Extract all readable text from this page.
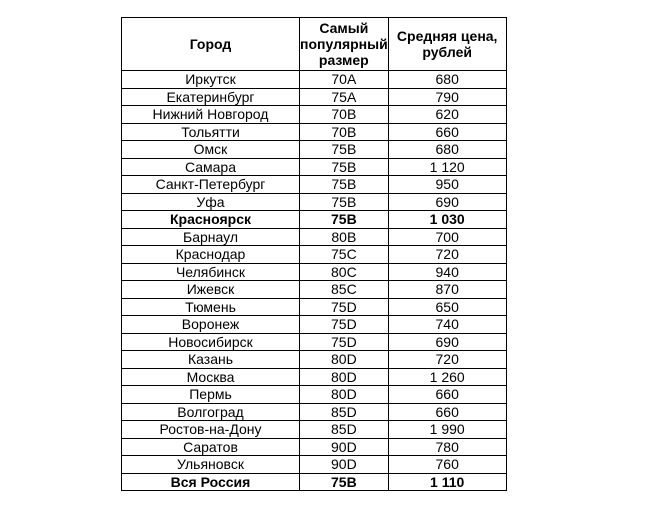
Город	Самый популярный размер	Средняя цена, рублей
Иркутск	70A	680
Екатеринбург	75A	790
Нижний Новгород	70B	620
Тольятти	70B	660
Омск	75B	680
Самара	75B	1 120
Санкт-Петербург	75B	950
Уфа	75B	690
Красноярск	75B	1 030
Барнаул	80B	700
Краснодар	75C	720
Челябинск	80C	940
Ижевск	85C	870
Тюмень	75D	650
Воронеж	75D	740
Новосибирск	75D	690
Казань	80D	720
Москва	80D	1 260
Пермь	80D	660
Волгоград	85D	660
Ростов-на-Дону	85D	1 990
Саратов	90D	780
Ульяновск	90D	760
Вся Россия	75B	1 110
